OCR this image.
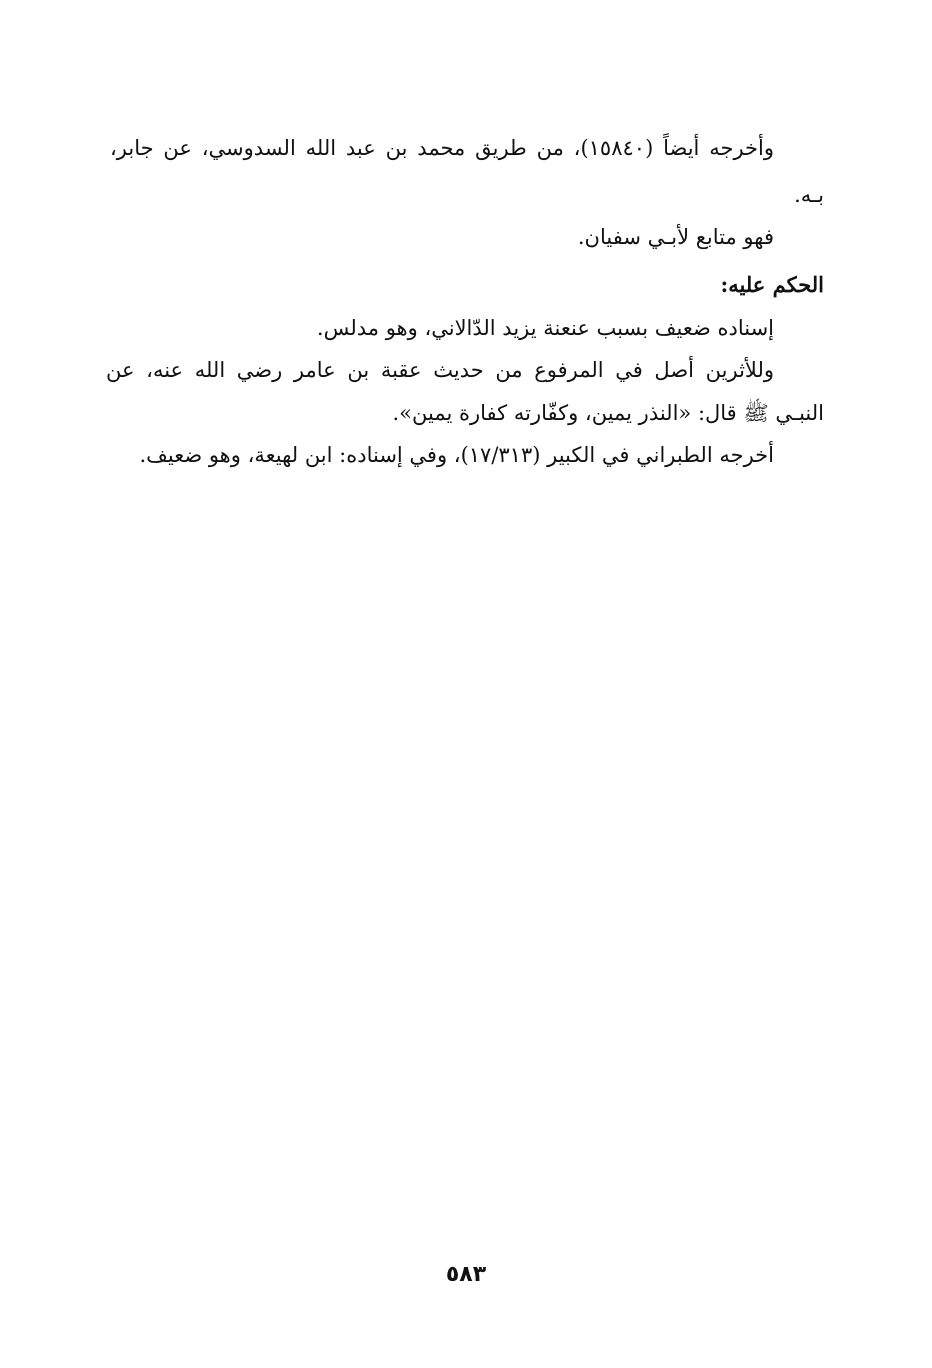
وأخرجه أيضاً (١٥٨٤٠)، من طريق محمد بن عبد الله السدوسي، عن جابر،
بـه.
فهو متابع لأبـي سفيان.
الحكم عليه:
إسناده ضعيف بسبب عنعنة يزيد الدّالاني، وهو مدلس.
وللأثرين أصل في المرفوع من حديث عقبة بن عامر رضي الله عنه، عن
النبـي ﷺ قال: «النذر يمين، وكفّارته كفارة يمين».
أخرجه الطبراني في الكبير (١٧/٣١٣)، وفي إسناده: ابن لهيعة، وهو ضعيف.
٥٨٣
